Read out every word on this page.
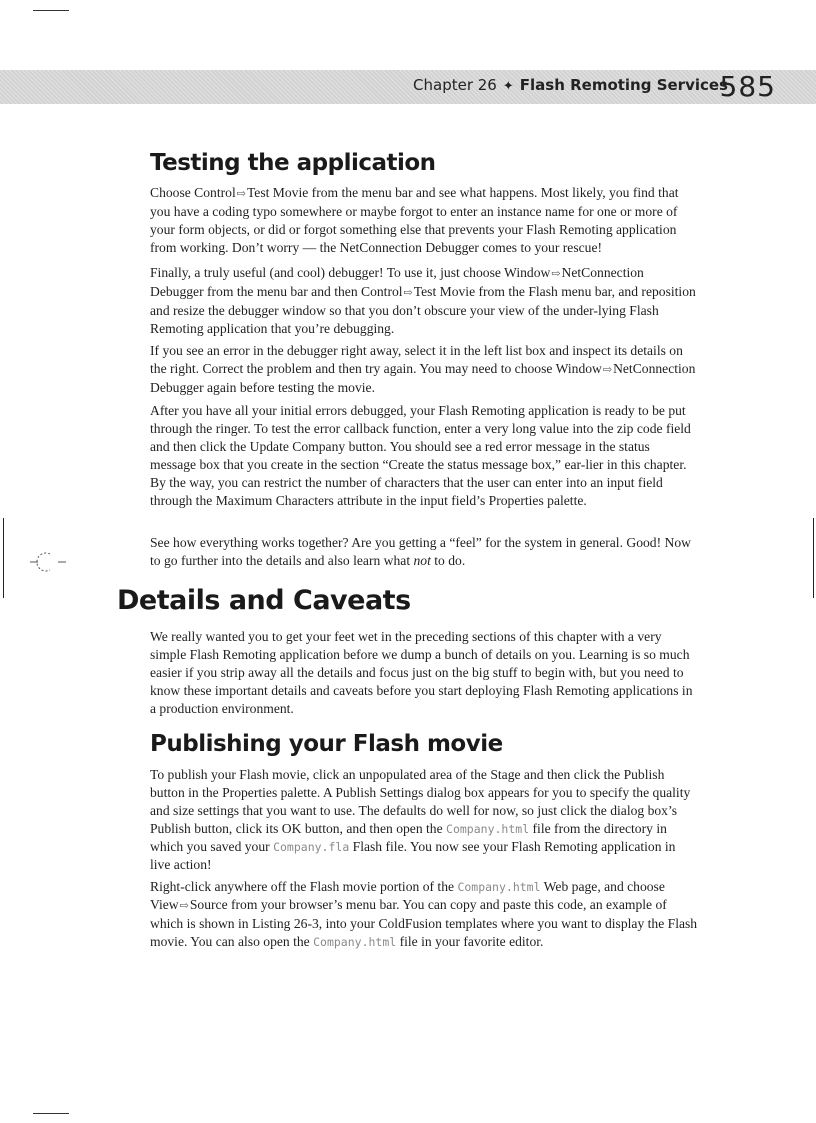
Chapter 26 ✦ Flash Remoting Services
585
Testing the application

Choose Control⇨Test Movie from the menu bar and see what happens. Most likely, you find that you have a coding typo somewhere or maybe forgot to enter an instance name for one or more of your form objects, or did or forgot something else that prevents your Flash Remoting application from working. Don’t worry — the NetConnection Debugger comes to your rescue!

Finally, a truly useful (and cool) debugger! To use it, just choose Window⇨NetConnection Debugger from the menu bar and then Control⇨Test Movie from the Flash menu bar, and reposition and resize the debugger window so that you don’t obscure your view of the under-lying Flash Remoting application that you’re debugging.

If you see an error in the debugger right away, select it in the left list box and inspect its details on the right. Correct the problem and then try again. You may need to choose Window⇨NetConnection Debugger again before testing the movie.

After you have all your initial errors debugged, your Flash Remoting application is ready to be put through the ringer. To test the error callback function, enter a very long value into the zip code field and then click the Update Company button. You should see a red error message in the status message box that you create in the section “Create the status message box,” ear-lier in this chapter. By the way, you can restrict the number of characters that the user can enter into an input field through the Maximum Characters attribute in the input field’s Properties palette.

See how everything works together? Are you getting a “feel” for the system in general. Good! Now to go further into the details and also learn what not to do.

Details and Caveats

We really wanted you to get your feet wet in the preceding sections of this chapter with a very simple Flash Remoting application before we dump a bunch of details on you. Learning is so much easier if you strip away all the details and focus just on the big stuff to begin with, but you need to know these important details and caveats before you start deploying Flash Remoting applications in a production environment.

Publishing your Flash movie

To publish your Flash movie, click an unpopulated area of the Stage and then click the Publish button in the Properties palette. A Publish Settings dialog box appears for you to specify the quality and size settings that you want to use. The defaults do well for now, so just click the dialog box’s Publish button, click its OK button, and then open the Company.html file from the directory in which you saved your Company.fla Flash file. You now see your Flash Remoting application in live action!

Right-click anywhere off the Flash movie portion of the Company.html Web page, and choose View⇨Source from your browser’s menu bar. You can copy and paste this code, an example of which is shown in Listing 26-3, into your ColdFusion templates where you want to display the Flash movie. You can also open the Company.html file in your favorite editor.
